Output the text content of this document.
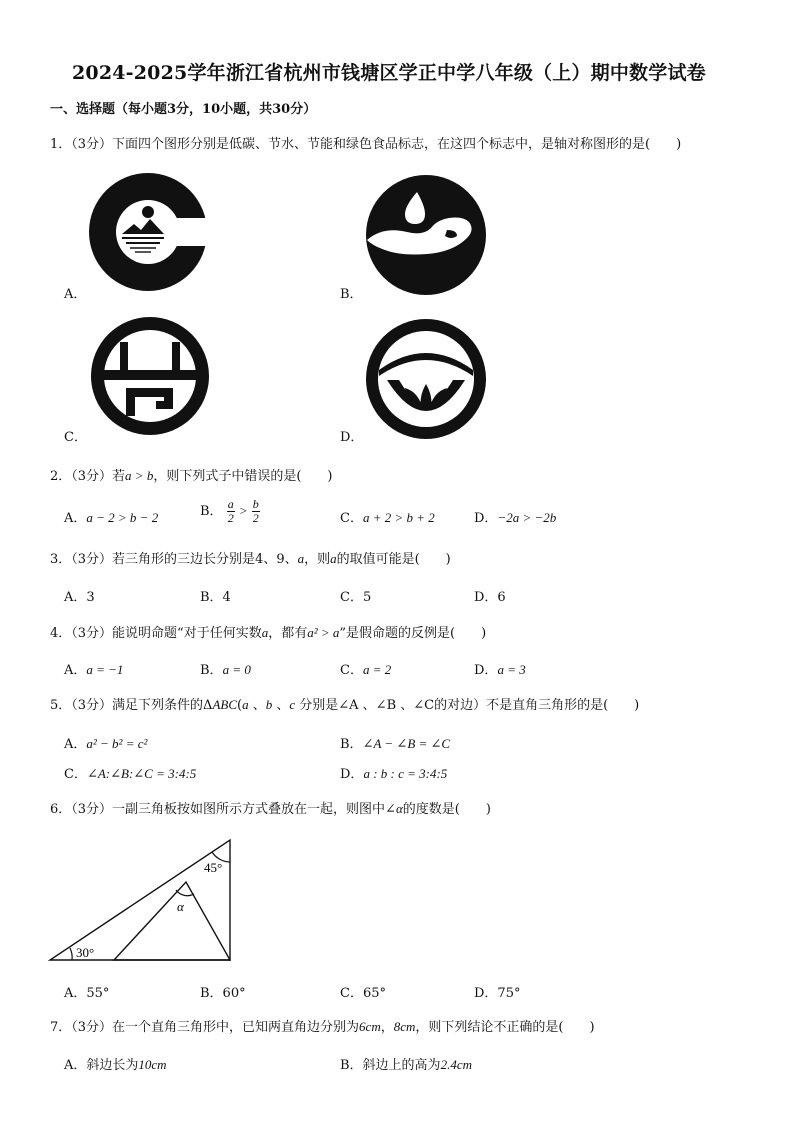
2024-2025学年浙江省杭州市钱塘区学正中学八年级（上）期中数学试卷
一、选择题（每小题3分，10小题，共30分）
1．（3分）下面四个图形分别是低碳、节水、节能和绿色食品标志，在这四个标志中，是轴对称图形的是(　　)
A．	B．
C．	D．
2．（3分）若a > b，则下列式子中错误的是(　　)
A．a − 2 > b − 2	B． $\frac{a}{2} > \frac{b}{2}$	C．a + 2 > b + 2	D．−2a > −2b
3．（3分）若三角形的三边长分别是4、9、a，则a的取值可能是(　　)
A．3	B．4	C．5	D．6
4．（3分）能说明命题“对于任何实数a，都有a² > a”是假命题的反例是(　　)
A．a = −1	B．a = 0	C．a = 2	D．a = 3
5．（3分）满足下列条件的ΔABC(a 、b 、c 分别是∠A 、∠B 、∠C的对边）不是直角三角形的是(　　)
A．a² − b² = c²	B．∠A − ∠B = ∠C
C．∠A:∠B:∠C = 3:4:5	D．a : b : c = 3:4:5
6．（3分）一副三角板按如图所示方式叠放在一起，则图中∠α的度数是(　　)
45°
α
30°
A．55°	B．60°	C．65°	D．75°
7．（3分）在一个直角三角形中，已知两直角边分别为6cm，8cm，则下列结论不正确的是(　　)
A．斜边长为10cm	B．斜边上的高为2.4cm
